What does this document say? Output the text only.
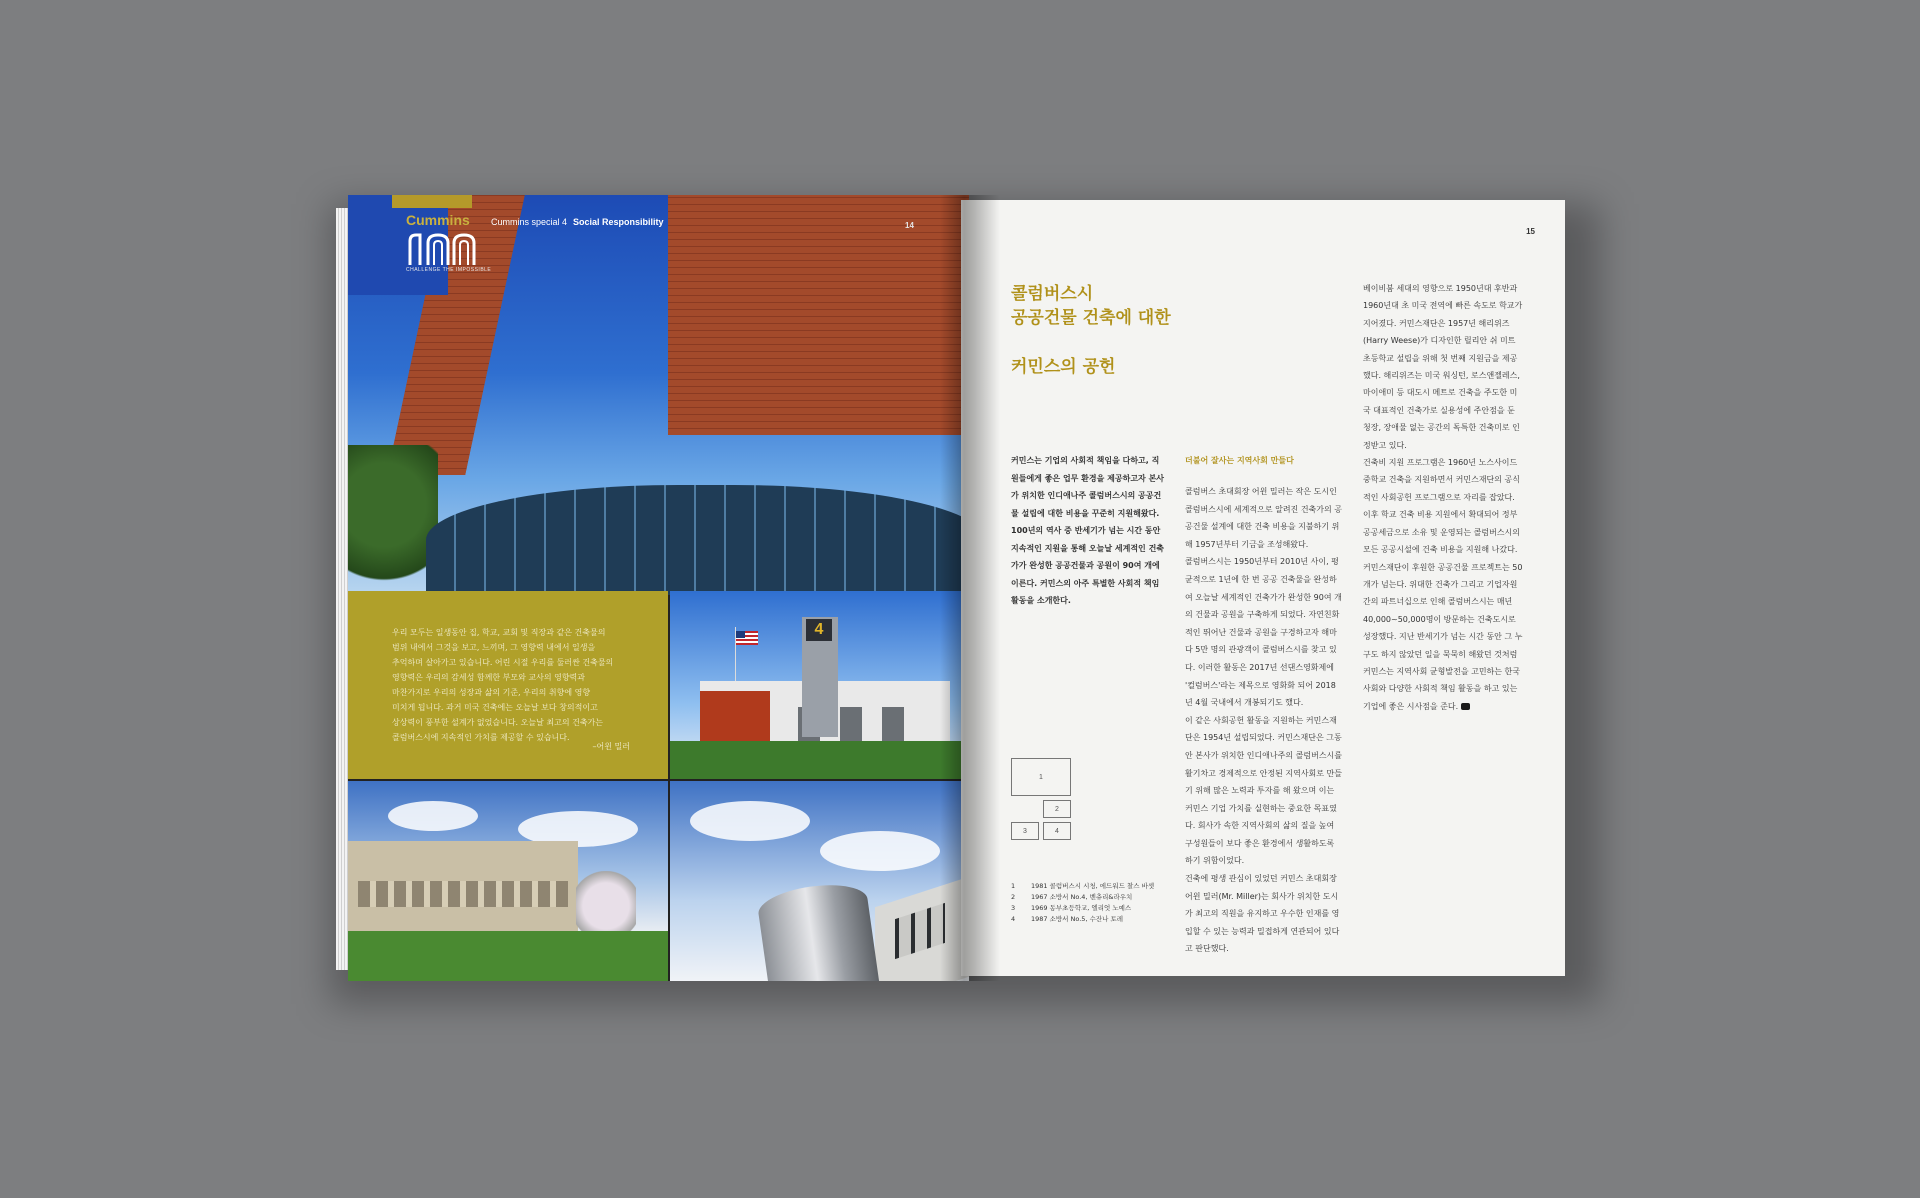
Cummins
CHALLENGE THE IMPOSSIBLE
Cummins special 4 Social Responsibility	14
우리 모두는 일생동안 집, 학교, 교회 및 직장과 같은 건축물의
범위 내에서 그것을 보고, 느끼며, 그 영향력 내에서 일생을
추억하며 살아가고 있습니다. 어린 시절 우리를 둘러싼 건축물의
영향력은 우리의 감세성 함께한 부모와 교사의 영향력과
마찬가지로 우리의 성장과 삶의 기준, 우리의 취향에 영향
미치게 됩니다. 과거 미국 건축에는 오늘날 보다 창의적이고
상상력이 풍부한 설계가 없었습니다. 오늘날 최고의 건축가는
콜럼버스시에 지속적인 가치를 제공할 수 있습니다.
–어윈 밀러
4
15
콜럼버스시
공공건물 건축에 대한
커민스의 공헌
커민스는 기업의 사회적 책임을 다하고, 직원들에게 좋은 업무 환경을 제공하고자 본사가 위치한 인디애나주 콜럼버스시의 공공건물 설립에 대한 비용을 꾸준히 지원해왔다. 100년의 역사 중 반세기가 넘는 시간 동안 지속적인 지원을 통해 오늘날 세계적인 건축가가 완성한 공공건물과 공원이 90여 개에 이른다. 커민스의 아주 특별한 사회적 책임 활동을 소개한다.
더불어 잘사는 지역사회 만들다

콜럼버스 초대회장 어윈 밀러는 작은 도시인 콜럼버스시에 세계적으로 알려진 건축가의 공공건물 설계에 대한 건축 비용을 지불하기 위해 1957년부터 기금을 조성해왔다.

콜럼버스시는 1950년부터 2010년 사이, 평균적으로 1년에 한 번 공공 건축물을 완성하여 오늘날 세계적인 건축가가 완성한 90여 개의 건물과 공원을 구축하게 되었다. 자연친화적인 뛰어난 건물과 공원을 구경하고자 해마다 5만 명의 관광객이 콜럼버스시를 찾고 있다. 이러한 활동은 2017년 선댄스영화제에 '컬럼버스'라는 제목으로 영화화 되어 2018년 4월 국내에서 개봉되기도 했다.

이 같은 사회공헌 활동을 지원하는 커민스재단은 1954년 설립되었다. 커민스재단은 그동안 본사가 위치한 인디애나주의 콜럼버스시를 활기차고 경제적으로 안정된 지역사회로 만들기 위해 많은 노력과 투자를 해 왔으며 이는 커민스 기업 가치를 실현하는 중요한 목표였다. 회사가 속한 지역사회의 삶의 질을 높여 구성원들이 보다 좋은 환경에서 생활하도록 하기 위함이었다.

건축에 평생 관심이 있었던 커민스 초대회장 어윈 밀러(Mr. Miller)는 회사가 위치한 도시가 최고의 직원을 유지하고 우수한 인재를 영입할 수 있는 능력과 밀접하게 연관되어 있다고 판단했다.

베이비붐 세대의 영향으로 1950년대 후반과 1960년대 초 미국 전역에 빠른 속도로 학교가 지어졌다. 커민스재단은 1957년 해리위즈(Harry Weese)가 디자인한 릴리안 쉬 미트 초등학교 설립을 위해 첫 번째 지원금을 제공했다. 해리위즈는 미국 워싱턴, 로스앤젤레스, 마이애미 등 대도시 메트로 건축을 주도한 미국 대표적인 건축가로 실용성에 주안점을 둔 청장, 장애물 없는 공간의 독특한 건축미로 인정받고 있다.

건축비 지원 프로그램은 1960년 노스사이드중학교 건축을 지원하면서 커민스재단의 공식적인 사회공헌 프로그램으로 자리를 잡았다. 이후 학교 건축 비용 지원에서 확대되어 정부 공공세금으로 소유 및 운영되는 콜럼버스시의 모든 공공시설에 건축 비용을 지원해 나갔다.

커민스재단이 후원한 공공건물 프로젝트는 50개가 넘는다. 위대한 건축가 그리고 기업자원 간의 파트너십으로 인해 콜럼버스시는 매년 40,000~50,000명이 방문하는 건축도시로 성장했다. 지난 반세기가 넘는 시간 동안 그 누구도 하지 않았던 일을 묵묵히 해왔던 것처럼 커민스는 지역사회 균형발전을 고민하는 한국사회와 다양한 사회적 책임 활동을 하고 있는 기업에 좋은 시사점을 준다.

1
2
3	4
1 1981 콜럼버스시 시청, 에드워드 찰스 바셋
2 1967 소방서 No.4, 벤츄리&라우치
3 1969 동부초등학교, 엘리엇 노예스
4 1987 소방서 No.5, 수잔나 토레
